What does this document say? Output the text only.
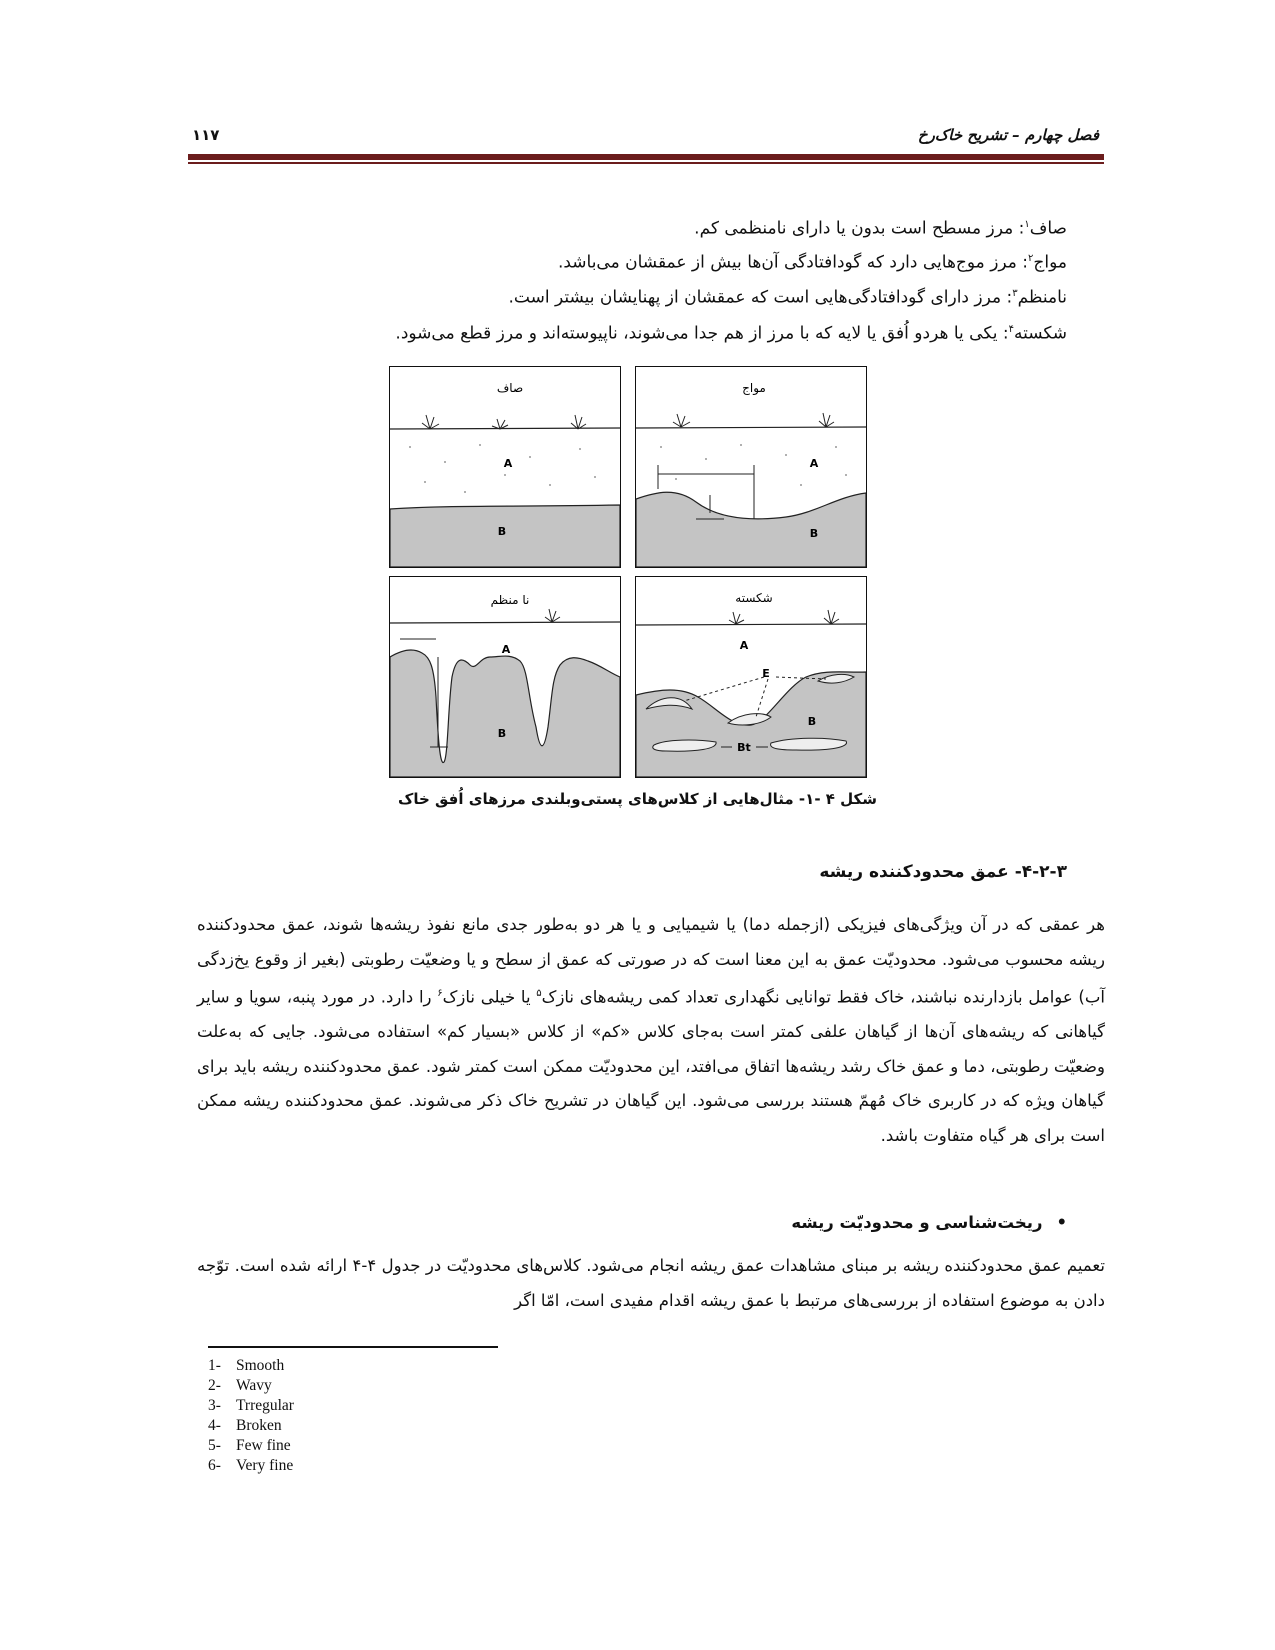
فصل چهارم – تشریح خاک‌رخ
۱۱۷
صاف$^۱$: مرز مسطح است بدون یا دارای نامنظمی کم.
مواج$^۲$: مرز موج‌هایی دارد که گودافتادگی آن‌ها بیش از عمقشان می‌باشد.
نامنظم$^۳$: مرز دارای گودافتادگی‌هایی است که عمقشان از پهنایشان بیشتر است.
شکسته$^۴$: یکی یا هردو اُفق یا لایه که با مرز از هم جدا می‌شوند، ناپیوسته‌اند و مرز قطع می‌شود.
صاف
A
B
مواج
A
B
نا منظم
A
B
شکسته
A
E
B
Bt
شکل ۴ -۱- مثال‌هایی از کلاس‌های پستی‌وبلندی مرزهای اُفق خاک
۴-۲-۳- عمق محدودکننده ریشه
هر عمقی که در آن ویژگی‌های فیزیکی (ازجمله دما) یا شیمیایی و یا هر دو به‌طور جدی مانع نفوذ ریشه‌ها شوند، عمق محدودکننده ریشه محسوب می‌شود. محدودیّت عمق به این معنا است که در صورتی که عمق از سطح و یا وضعیّت رطوبتی (بغیر از وقوع یخ‌زدگی آب) عوامل بازدارنده نباشند، خاک فقط توانایی نگهداری تعداد کمی ریشه‌های نازک$^۵$ یا خیلی نازک$^۶$ را دارد. در مورد پنبه، سویا و سایر گیاهانی که ریشه‌های آن‌ها از گیاهان علفی کمتر است به‌جای کلاس «کم» از کلاس «بسیار کم» استفاده می‌شود. جایی که به‌علت وضعیّت رطوبتی، دما و عمق خاک رشد ریشه‌ها اتفاق می‌افتد، این محدودیّت ممکن است کمتر شود. عمق محدودکننده ریشه باید برای گیاهان ویژه که در کاربری خاک مُهمّ هستند بررسی می‌شود. این گیاهان در تشریح خاک ذکر می‌شوند. عمق محدودکننده ریشه ممکن است برای هر گیاه متفاوت باشد.
•ریخت‌شناسی و محدودیّت ریشه
تعمیم عمق محدودکننده ریشه بر مبنای مشاهدات عمق ریشه انجام می‌شود. کلاس‌های محدودیّت در جدول ۴-۴ ارائه شده است. توّجه دادن به موضوع استفاده از بررسی‌های مرتبط با عمق ریشه اقدام مفیدی است، امّا اگر
1- Smooth
2- Wavy
3- Trregular
4- Broken
5- Few fine
6- Very fine
